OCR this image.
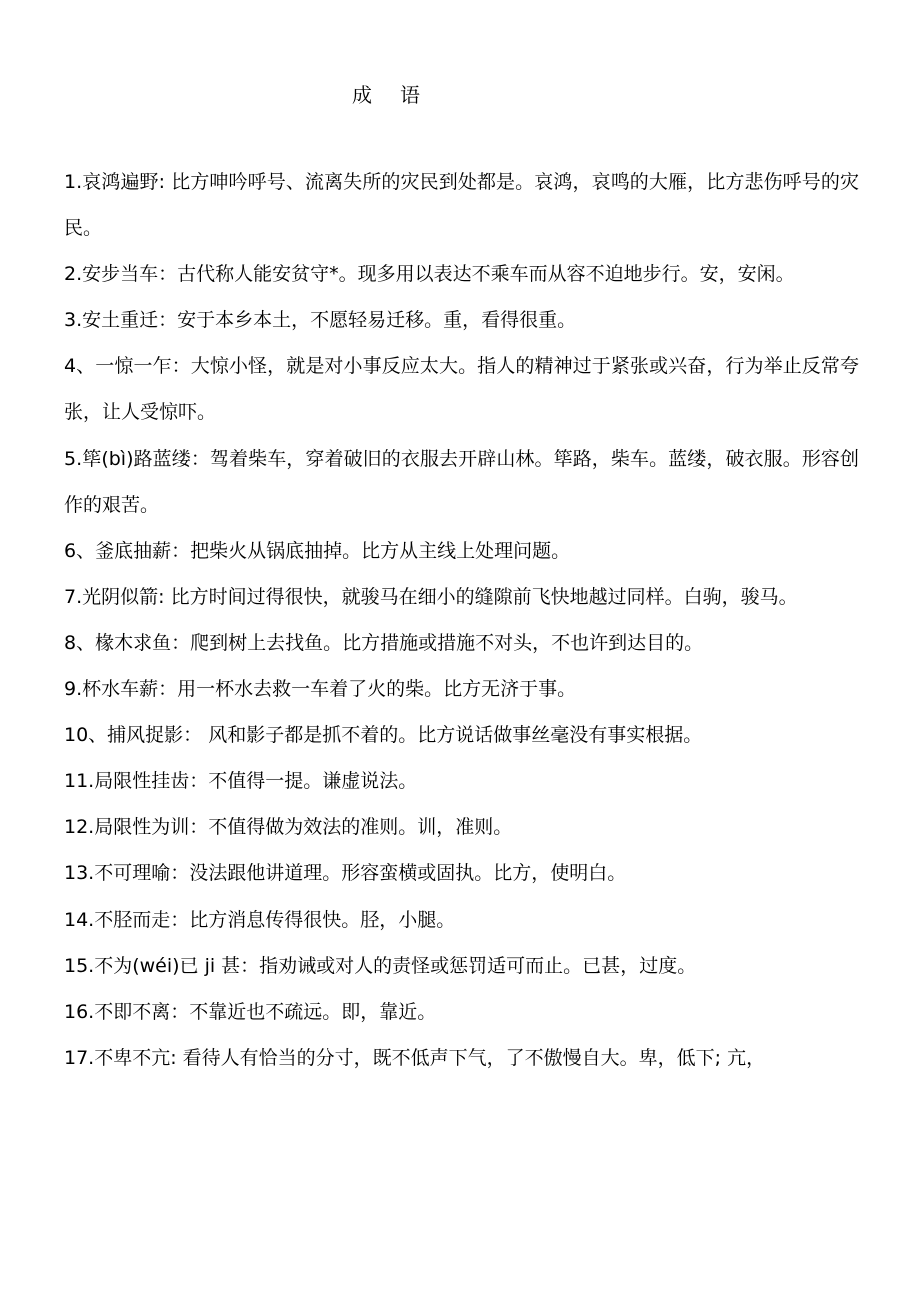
成 语

1.哀鸿遍野: 比方呻吟呼号、流离失所的灾民到处都是。哀鸿，哀鸣的大雁，比方悲伤呼号的灾民。

2.安步当车：古代称人能安贫守*。现多用以表达不乘车而从容不迫地步行。安，安闲。

3.安土重迁：安于本乡本土，不愿轻易迁移。重，看得很重。

4、一惊一乍：大惊小怪，就是对小事反应太大。指人的精神过于紧张或兴奋，行为举止反常夸张，让人受惊吓。

5.筚(bì)路蓝缕：驾着柴车，穿着破旧的衣服去开辟山林。筚路，柴车。蓝缕，破衣服。形容创作的艰苦。

6、釜底抽薪：把柴火从锅底抽掉。比方从主线上处理问题。

7.光阴似箭: 比方时间过得很快，就骏马在细小的缝隙前飞快地越过同样。白驹，骏马。

8、椽木求鱼：爬到树上去找鱼。比方措施或措施不对头，不也许到达目的。

9.杯水车薪：用一杯水去救一车着了火的柴。比方无济于事。

10、捕风捉影： 风和影子都是抓不着的。比方说话做事丝毫没有事实根据。

11.局限性挂齿：不值得一提。谦虚说法。

12.局限性为训：不值得做为效法的准则。训，准则。

13.不可理喻：没法跟他讲道理。形容蛮横或固执。比方，使明白。

14.不胫而走：比方消息传得很快。胫，小腿。

15.不为(wéi)已 ji 甚：指劝诫或对人的责怪或惩罚适可而止。已甚，过度。

16.不即不离：不靠近也不疏远。即，靠近。

17.不卑不亢: 看待人有恰当的分寸，既不低声下气，了不傲慢自大。卑，低下; 亢，
